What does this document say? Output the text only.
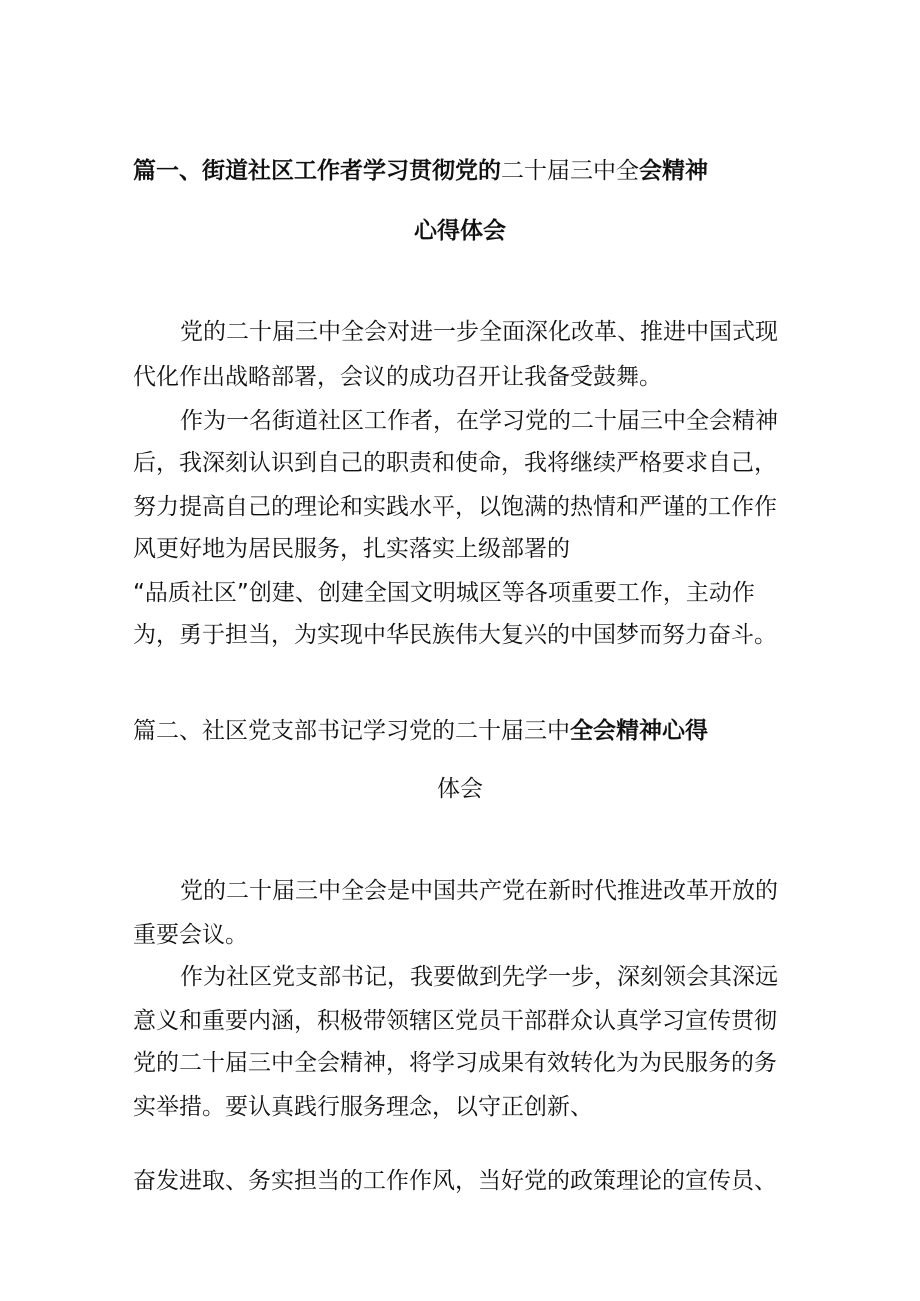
篇一、街道社区工作者学习贯彻党的二十届三中全会精神
心得体会
党的二十届三中全会对进一步全面深化改革、推进中国式现
代化作出战略部署，会议的成功召开让我备受鼓舞。
作为一名街道社区工作者，在学习党的二十届三中全会精神
后，我深刻认识到自己的职责和使命，我将继续严格要求自己，
努力提高自己的理论和实践水平，以饱满的热情和严谨的工作作
风更好地为居民服务，扎实落实上级部署的
“品质社区”创建、创建全国文明城区等各项重要工作，主动作
为，勇于担当，为实现中华民族伟大复兴的中国梦而努力奋斗。
篇二、社区党支部书记学习党的二十届三中全会精神心得
体会
党的二十届三中全会是中国共产党在新时代推进改革开放的
重要会议。
作为社区党支部书记，我要做到先学一步，深刻领会其深远
意义和重要内涵，积极带领辖区党员干部群众认真学习宣传贯彻
党的二十届三中全会精神，将学习成果有效转化为为民服务的务
实举措。要认真践行服务理念，以守正创新、
奋发进取、务实担当的工作作风，当好党的政策理论的宣传员、
